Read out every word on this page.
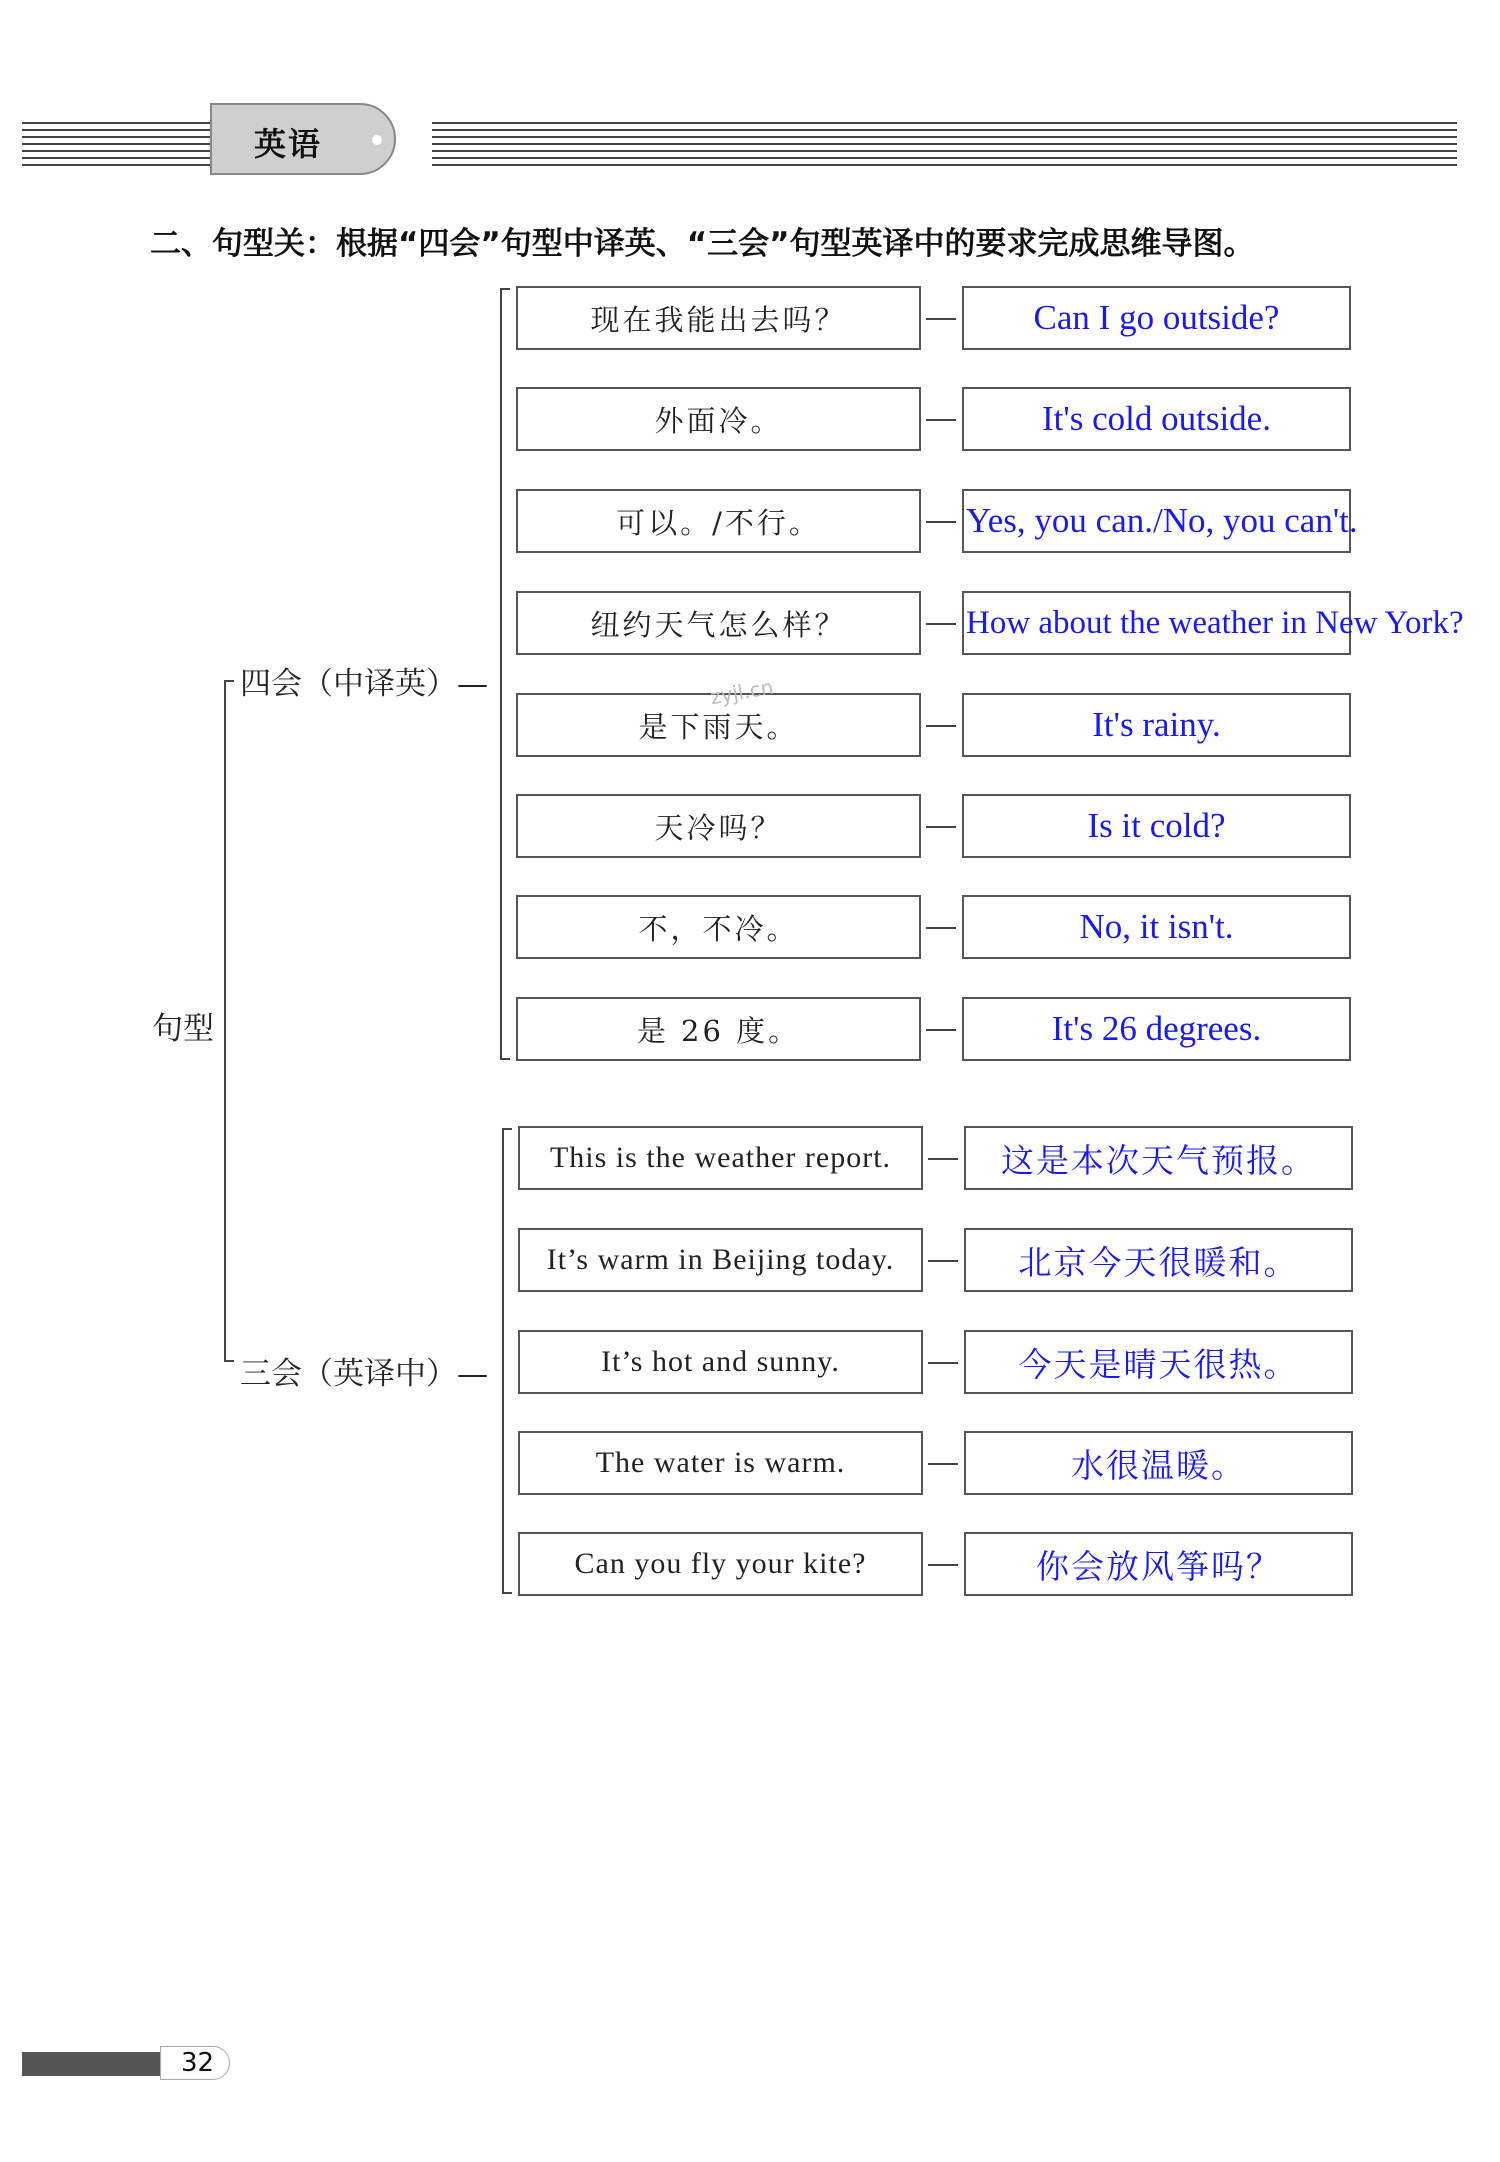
英语
二、句型关：根据“四会”句型中译英、“三会”句型英译中的要求完成思维导图。
句型
四会（中译英）—
三会（英译中）—
现在我能出去吗？	Can I go outside?
外面冷。	It's cold outside.
可以。/不行。	Yes, you can./No, you can't.
纽约天气怎么样？	How about the weather in New York?
是下雨天。	It's rainy.
天冷吗？	Is it cold?
不，不冷。	No, it isn't.
是 26 度。	It's 26 degrees.
This is the weather report.	这是本次天气预报。
It’s warm in Beijing today.	北京今天很暖和。
It’s hot and sunny.	今天是晴天很热。
The water is warm.	水很温暖。
Can you fly your kite?	你会放风筝吗？
zyjl.cn
32
